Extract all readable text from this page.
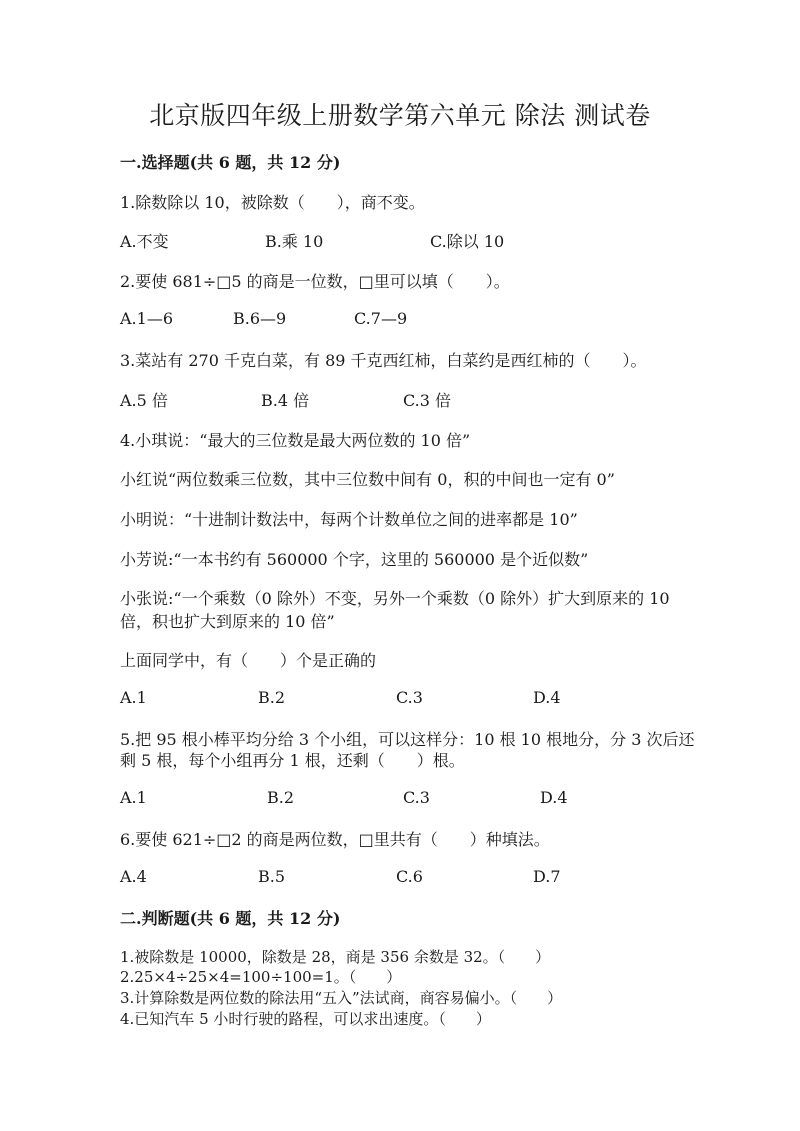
北京版四年级上册数学第六单元 除法 测试卷
一.选择题(共 6 题，共 12 分)
1.除数除以 10，被除数（　　），商不变。
A.不变	B.乘 10	C.除以 10
2.要使 681÷□5 的商是一位数，□里可以填（　　）。
A.1—6	B.6—9	C.7—9
3.菜站有 270 千克白菜，有 89 千克西红柿，白菜约是西红柿的（　　）。
A.5 倍	B.4 倍	C.3 倍
4.小琪说：“最大的三位数是最大两位数的 10 倍”
小红说“两位数乘三位数，其中三位数中间有 0，积的中间也一定有 0”
小明说：“十进制计数法中，每两个计数单位之间的进率都是 10”
小芳说:“一本书约有 560000 个字，这里的 560000 是个近似数”
小张说:“一个乘数（0 除外）不变，另外一个乘数（0 除外）扩大到原来的 10
倍，积也扩大到原来的 10 倍”
上面同学中，有（　　）个是正确的
A.1	B.2	C.3	D.4
5.把 95 根小棒平均分给 3 个小组，可以这样分：10 根 10 根地分，分 3 次后还
剩 5 根，每个小组再分 1 根，还剩（　　）根。
A.1	B.2	C.3	D.4
6.要使 621÷□2 的商是两位数，□里共有（　　）种填法。
A.4	B.5	C.6	D.7
二.判断题(共 6 题，共 12 分)
1.被除数是 10000，除数是 28，商是 356 余数是 32。（　　）
2.25×4÷25×4=100÷100=1。（　　）
3.计算除数是两位数的除法用“五入”法试商，商容易偏小。（　　）
4.已知汽车 5 小时行驶的路程，可以求出速度。（　　）
